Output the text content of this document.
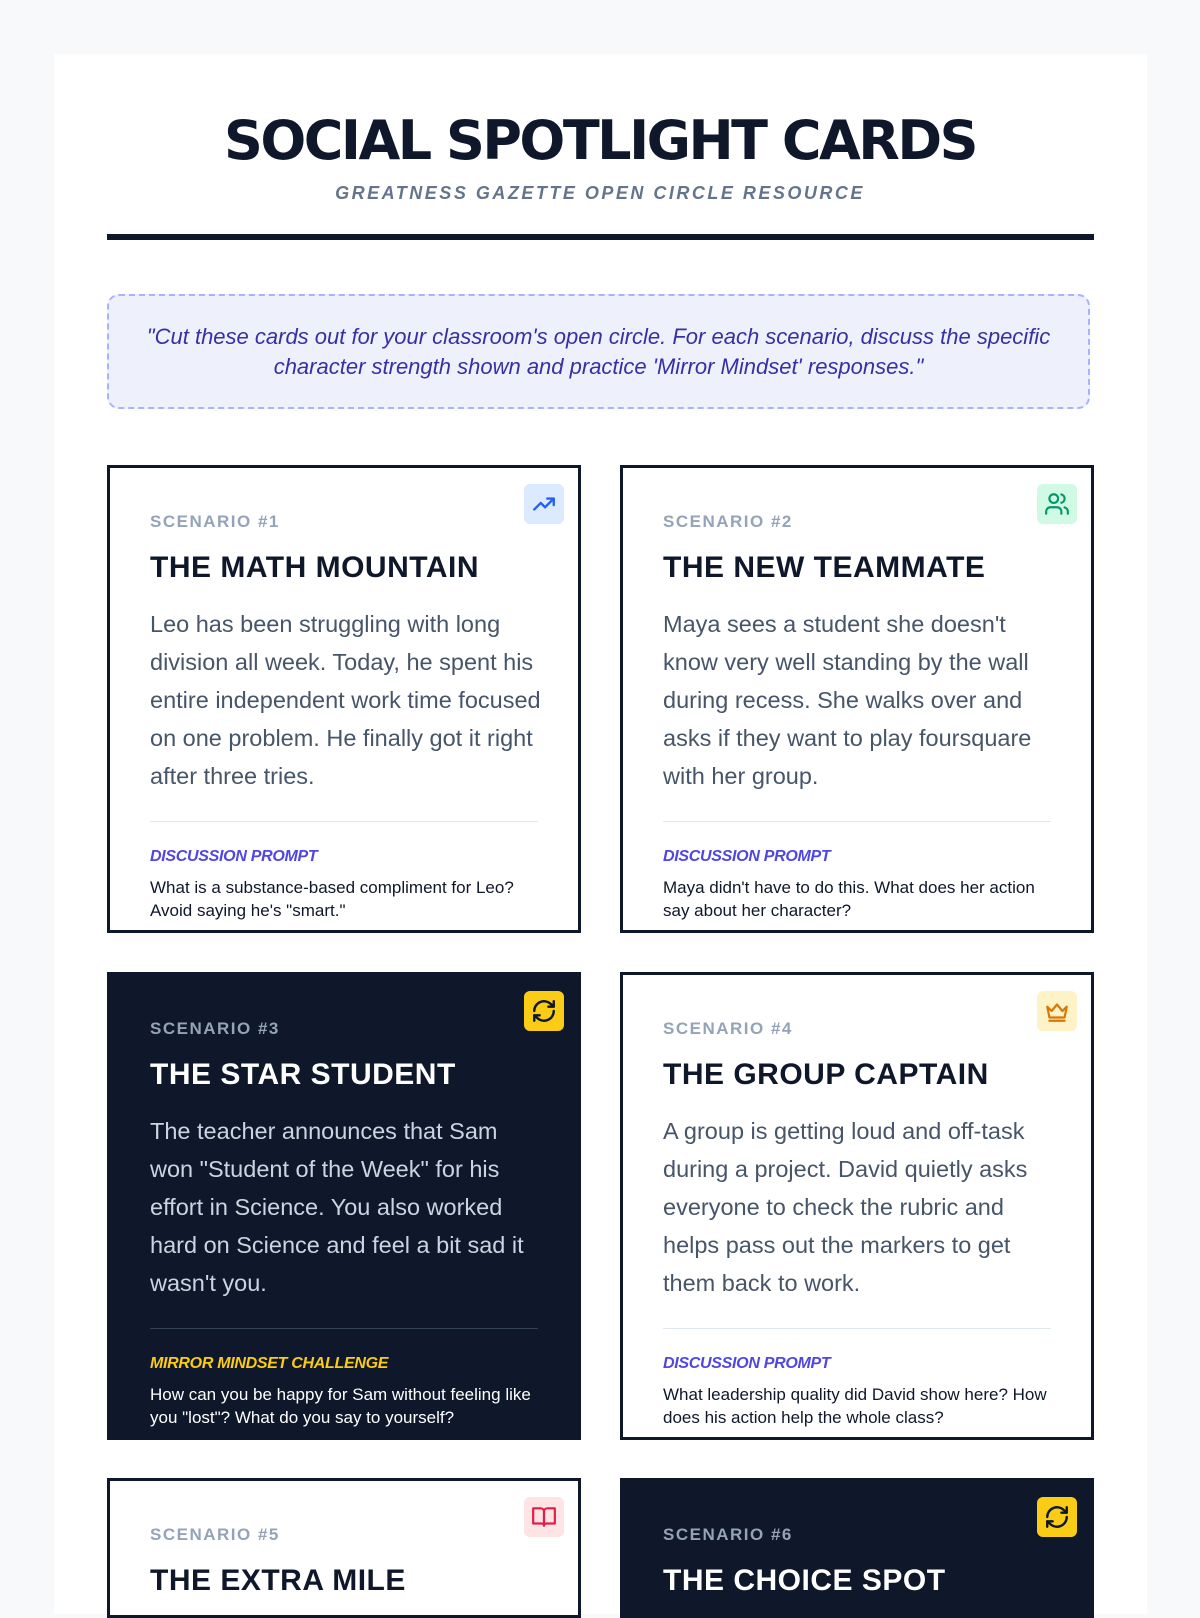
SOCIAL SPOTLIGHT CARDS
GREATNESS GAZETTE OPEN CIRCLE RESOURCE
"Cut these cards out for your classroom's open circle. For each scenario, discuss the specific character strength shown and practice 'Mirror Mindset' responses."
SCENARIO #1
THE MATH MOUNTAIN
Leo has been struggling with long division all week. Today, he spent his entire independent work time focused on one problem. He finally got it right after three tries.
DISCUSSION PROMPT
What is a substance-based compliment for Leo? Avoid saying he's "smart."
SCENARIO #2
THE NEW TEAMMATE
Maya sees a student she doesn't know very well standing by the wall during recess. She walks over and asks if they want to play foursquare with her group.
DISCUSSION PROMPT
Maya didn't have to do this. What does her action say about her character?
SCENARIO #3
THE STAR STUDENT
The teacher announces that Sam won "Student of the Week" for his effort in Science. You also worked hard on Science and feel a bit sad it wasn't you.
MIRROR MINDSET CHALLENGE
How can you be happy for Sam without feeling like you "lost"? What do you say to yourself?
SCENARIO #4
THE GROUP CAPTAIN
A group is getting loud and off-task during a project. David quietly asks everyone to check the rubric and helps pass out the markers to get them back to work.
DISCUSSION PROMPT
What leadership quality did David show here? How does his action help the whole class?
SCENARIO #5
THE EXTRA MILE
SCENARIO #6
THE CHOICE SPOT
